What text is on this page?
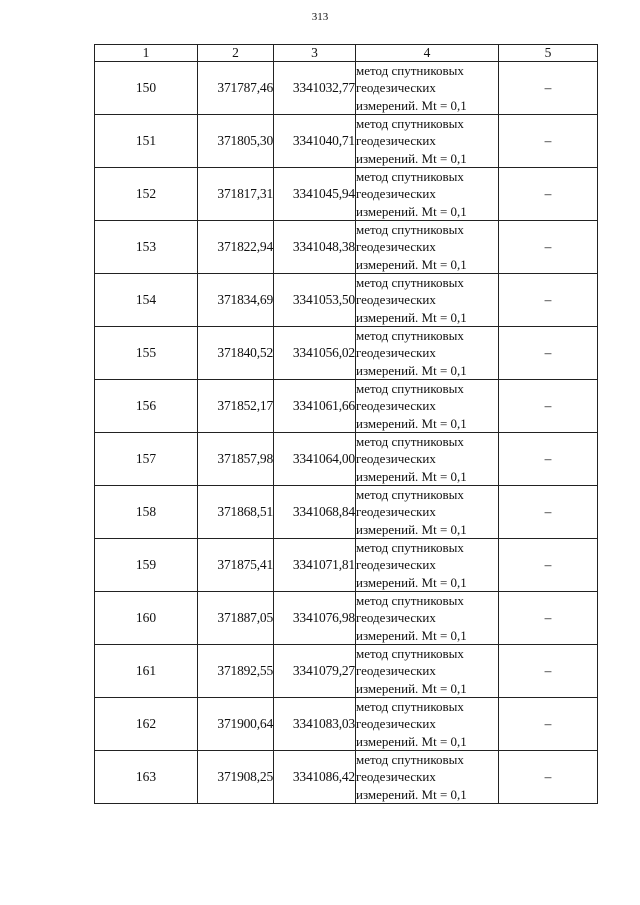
313
1	2	3	4	5
150	371787,46	3341032,77	метод спутниковых
геодезических
измерений. Mt = 0,1	–
151	371805,30	3341040,71	метод спутниковых
геодезических
измерений. Mt = 0,1	–
152	371817,31	3341045,94	метод спутниковых
геодезических
измерений. Mt = 0,1	–
153	371822,94	3341048,38	метод спутниковых
геодезических
измерений. Mt = 0,1	–
154	371834,69	3341053,50	метод спутниковых
геодезических
измерений. Mt = 0,1	–
155	371840,52	3341056,02	метод спутниковых
геодезических
измерений. Mt = 0,1	–
156	371852,17	3341061,66	метод спутниковых
геодезических
измерений. Mt = 0,1	–
157	371857,98	3341064,00	метод спутниковых
геодезических
измерений. Mt = 0,1	–
158	371868,51	3341068,84	метод спутниковых
геодезических
измерений. Mt = 0,1	–
159	371875,41	3341071,81	метод спутниковых
геодезических
измерений. Mt = 0,1	–
160	371887,05	3341076,98	метод спутниковых
геодезических
измерений. Mt = 0,1	–
161	371892,55	3341079,27	метод спутниковых
геодезических
измерений. Mt = 0,1	–
162	371900,64	3341083,03	метод спутниковых
геодезических
измерений. Mt = 0,1	–
163	371908,25	3341086,42	метод спутниковых
геодезических
измерений. Mt = 0,1	–
